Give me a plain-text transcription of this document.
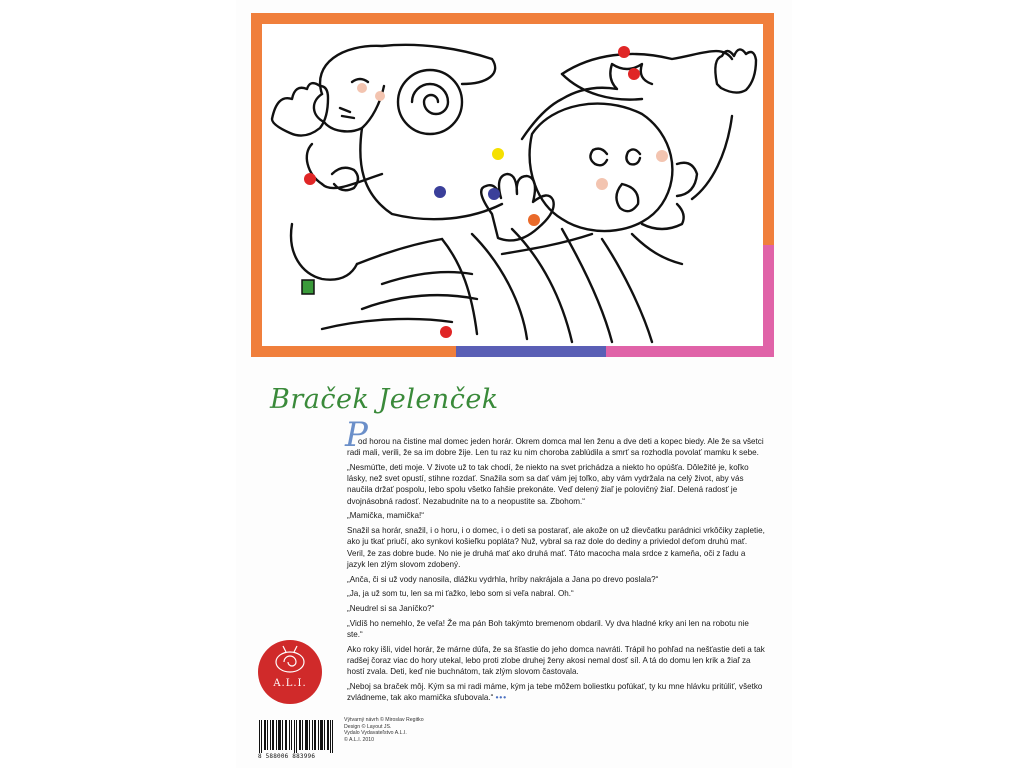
Braček Jelenček
P

od horou na čistine mal domec jeden horár. Okrem domca mal len ženu a dve deti a kopec biedy. Ale že sa všetci radi mali, verili, že sa im dobre žije. Len tu raz ku nim choroba zablúdila a smrť sa rozhodla povolať mamku k sebe.

„Nesmúťte, deti moje. V živote už to tak chodí, že niekto na svet prichádza a niekto ho opúšťa. Dôležité je, koľko lásky, než svet opustí, stihne rozdať. Snažila som sa dať vám jej toľko, aby vám vydržala na celý život, aby vás naučila držať pospolu, lebo spolu všetko ľahšie prekonáte. Veď delený žiaľ je polovičný žiaľ. Delená radosť je dvojnásobná radosť. Nezabudnite na to a neopustite sa. Zbohom.“

„Mamička, mamička!“

Snažil sa horár, snažil, i o horu, i o domec, i o deti sa postarať, ale akože on už dievčatku parádnici vrkôčiky zapletie, ako ju tkať priučí, ako synkovi košieľku poplátа? Nuž, vybral sa raz dole do dediny a priviedol deťom druhú mať. Veril, že zas dobre bude. No nie je druhá mať ako druhá mať. Táto macocha mala srdce z kameňa, oči z ľadu a jazyk len zlým slovom zdobený.

„Anča, či si už vody nanosila, dlážku vydrhla, hríby nakrájala a Jana po drevo poslala?“

„Ja, ja už som tu, len sa mi ťažko, lebo som si veľa nabral. Oh.“

„Neudrel si sa Janíčko?“

„Vidíš ho nemehlo, že veľa! Že ma pán Boh takýmto bremenom obdaril. Vy dva hladné krky ani len na robotu nie ste.“

Ako roky išli, videl horár, že márne dúfa, že sa šťastie do jeho domca navráti. Trápil ho pohľad na nešťastie deti a tak radšej čoraz viac do hory utekal, lebo proti zlobe druhej ženy akosi nemal dosť síl. A tá do domu len krik a žiaľ za hostí zvala. Deti, keď nie buchnátom, tak zlým slovom častovala.

„Neboj sa braček môj. Kým sa mi radi máme, kým ja tebe môžem boliestku pofúkať, ty ku mne hlávku pritúliť, všetko zvládneme, tak ako mamička sľubovala.“ •••

A.L.I.
8 588006 883996
Výtvarný návrh © Miroslav Regitko
Design © Layout JS.
Vydalo Vydavateľstvo A.L.I.
© A.L.I. 2010
